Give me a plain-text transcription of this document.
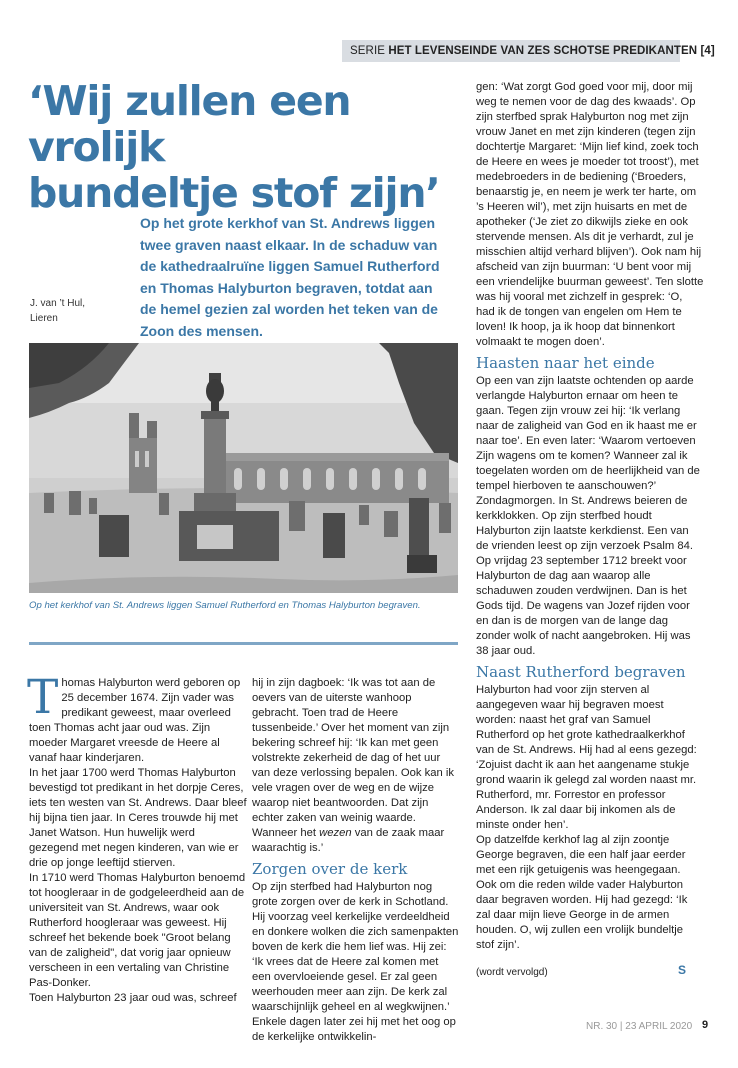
SERIE HET LEVENSEINDE VAN ZES SCHOTSE PREDIKANTEN [4]
‘Wij zullen een vrolijk
bundeltje stof zijn’
Op het grote kerkhof van St. Andrews liggen twee graven naast elkaar. In de schaduw van de kathedraalruïne liggen Samuel Rutherford en Thomas Halyburton begraven, totdat aan de hemel gezien zal worden het teken van de Zoon des mensen.
J. van ’t Hul,
Lieren
Op het kerkhof van St. Andrews liggen Samuel Rutherford en Thomas Halyburton begraven.

Thomas Halyburton werd geboren op 25 december 1674. Zijn vader was predikant geweest, maar overleed toen Thomas acht jaar oud was. Zijn moeder Margaret vreesde de Heere al vanaf haar kinderjaren.

In het jaar 1700 werd Thomas Halyburton bevestigd tot predikant in het dorpje Ceres, iets ten westen van St. Andrews. Daar bleef hij bijna tien jaar. In Ceres trouwde hij met Janet Watson. Hun huwelijk werd gezegend met negen kinderen, van wie er drie op jonge leeftijd stierven.

In 1710 werd Thomas Halyburton benoemd tot hoogleraar in de godgeleerdheid aan de universiteit van St. Andrews, waar ook Rutherford hoogleraar was geweest. Hij schreef het bekende boek "Groot belang van de zaligheid", dat vorig jaar opnieuw verscheen in een vertaling van Christine Pas-Donker.

Toen Halyburton 23 jaar oud was, schreef

hij in zijn dagboek: ‘Ik was tot aan de oevers van de uiterste wanhoop gebracht. Toen trad de Heere tussenbeide.’ Over het moment van zijn bekering schreef hij: ‘Ik kan met geen volstrekte zekerheid de dag of het uur van deze verlossing bepalen. Ook kan ik vele vragen over de weg en de wijze waarop niet beantwoorden. Dat zijn echter zaken van weinig waarde. Wanneer het wezen van de zaak maar waarachtig is.’

Zorgen over de kerk

Op zijn sterfbed had Halyburton nog grote zorgen over de kerk in Schotland. Hij voorzag veel kerkelijke verdeeldheid en donkere wolken die zich samenpakten boven de kerk die hem lief was. Hij zei: ‘Ik vrees dat de Heere zal komen met een overvloeiende gesel. Er zal geen weerhouden meer aan zijn. De kerk zal waarschijnlijk geheel en al wegkwijnen.’ Enkele dagen later zei hij met het oog op de kerkelijke ontwikkelin-

gen: ‘Wat zorgt God goed voor mij, door mij weg te nemen voor de dag des kwaads’. Op zijn sterfbed sprak Halyburton nog met zijn vrouw Janet en met zijn kinderen (tegen zijn dochtertje Margaret: ‘Mijn lief kind, zoek toch de Heere en wees je moeder tot troost’), met medebroeders in de bediening (‘Broeders, benaarstig je, en neem je werk ter harte, om ’s Heeren wil’), met zijn huisarts en met de apotheker (‘Je ziet zo dikwijls zieke en ook stervende mensen. Als dit je verhardt, zul je misschien altijd verhard blijven’). Ook nam hij afscheid van zijn buurman: ‘U bent voor mij een vriendelijke buurman geweest’. Ten slotte was hij vooral met zichzelf in gesprek: ‘O, had ik de tongen van engelen om Hem te loven! Ik hoop, ja ik hoop dat binnenkort volmaakt te mogen doen’.

Haasten naar het einde

Op een van zijn laatste ochtenden op aarde verlangde Halyburton ernaar om heen te gaan. Tegen zijn vrouw zei hij: ‘Ik verlang naar de zaligheid van God en ik haast me er naar toe’. En even later: ‘Waarom vertoeven Zijn wagens om te komen? Wanneer zal ik toegelaten worden om de heerlijkheid van de tempel hierboven te aanschouwen?’

Zondagmorgen. In St. Andrews beieren de kerkklokken. Op zijn sterfbed houdt Halyburton zijn laatste kerkdienst. Een van de vrienden leest op zijn verzoek Psalm 84. Op vrijdag 23 september 1712 breekt voor Halyburton de dag aan waarop alle schaduwen zouden verdwijnen. Dan is het Gods tijd. De wagens van Jozef rijden voor en dan is de morgen van de lange dag zonder wolk of nacht aangebroken. Hij was 38 jaar oud.

Naast Rutherford begraven

Halyburton had voor zijn sterven al aangegeven waar hij begraven moest worden: naast het graf van Samuel Rutherford op het grote kathedraalkerkhof van de St. Andrews. Hij had al eens gezegd: ‘Zojuist dacht ik aan het aangename stukje grond waarin ik gelegd zal worden naast mr. Rutherford, mr. Forrestor en professor Anderson. Ik zal daar bij inkomen als de minste onder hen’.

Op datzelfde kerkhof lag al zijn zoontje George begraven, die een half jaar eerder met een rijk getuigenis was heengegaan. Ook om die reden wilde vader Halyburton daar begraven worden. Hij had gezegd: ‘Ik zal daar mijn lieve George in de armen houden. O, wij zullen een vrolijk bundeltje stof zijn’.

(wordt vervolgd)	S

NR. 30 | 23 APRIL 2020 9
